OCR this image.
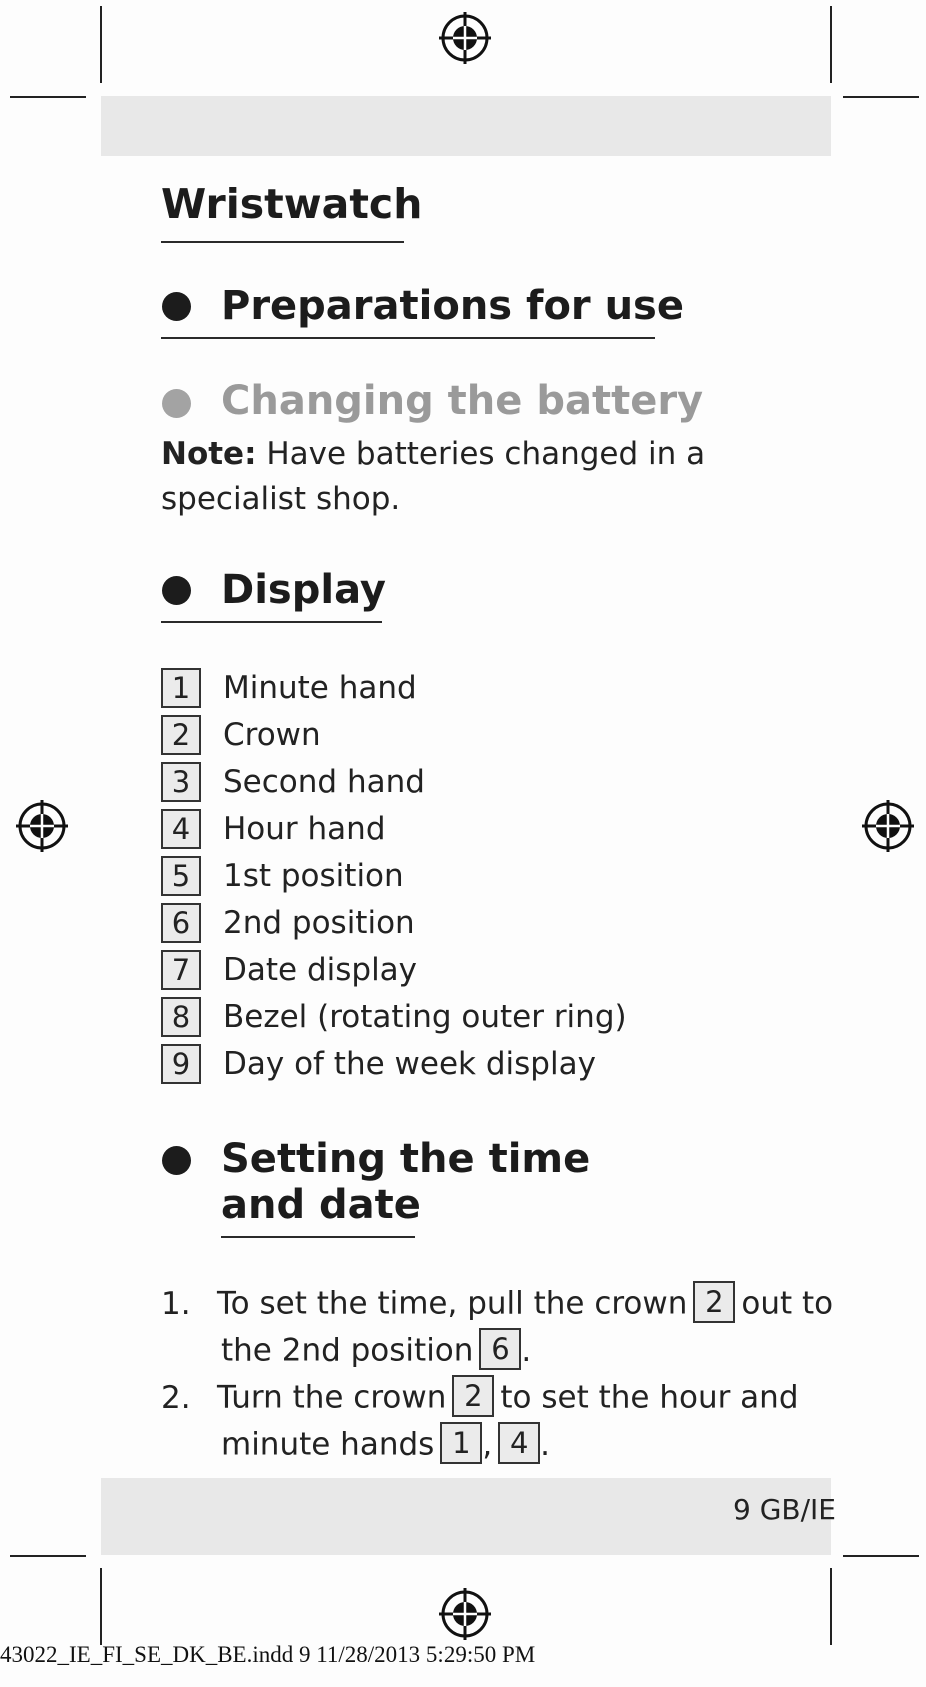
Wristwatch
Preparations for use
Changing the battery

Note: Have batteries changed in a specialist shop.

Display
1	Minute hand
2	Crown
3	Second hand
4	Hour hand
5	1st position
6	2nd position
7	Date display
8	Bezel (rotating outer ring)
9	Day of the week display
Setting the time
and date

1. To set the time, pull the crown 2 out to

the 2nd position 6 .

2. Turn the crown 2 to set the hour and

minute hands 1 , 4 .

9 GB/IE
43022_IE_FI_SE_DK_BE.indd 9 11/28/2013 5:29:50 PM
